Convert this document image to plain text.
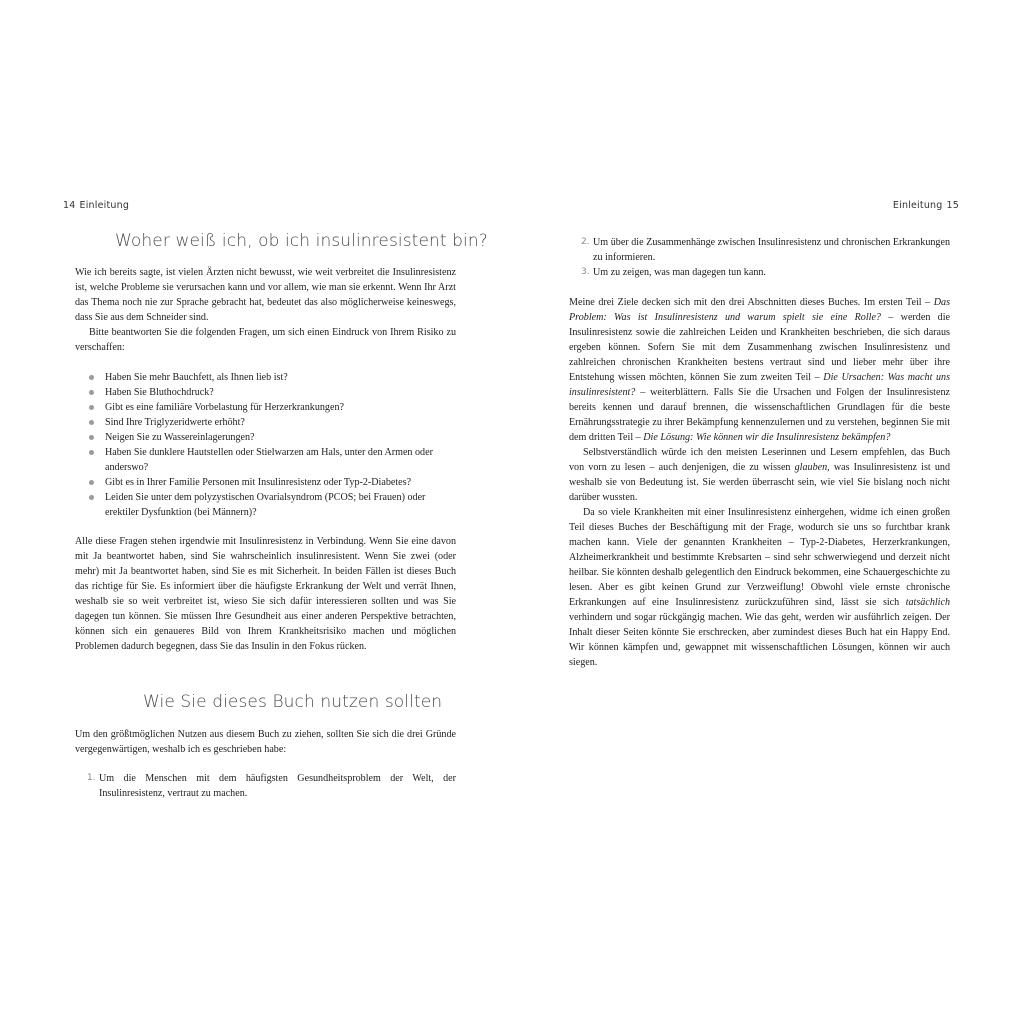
14 Einleitung	Einleitung 15
Woher weiß ich, ob ich insulinresistent bin?

Wie ich bereits sagte, ist vielen Ärzten nicht bewusst, wie weit verbreitet die Insulinresistenz ist, welche Probleme sie verursachen kann und vor allem, wie man sie erkennt. Wenn Ihr Arzt das Thema noch nie zur Sprache gebracht hat, bedeutet das also möglicherweise keineswegs, dass Sie aus dem Schneider sind.

Bitte beantworten Sie die folgenden Fragen, um sich einen Eindruck von Ihrem Risiko zu verschaffen:

Haben Sie mehr Bauchfett, als Ihnen lieb ist?
Haben Sie Bluthochdruck?
Gibt es eine familiäre Vorbelastung für Herzerkrankungen?
Sind Ihre Triglyzeridwerte erhöht?
Neigen Sie zu Wassereinlagerungen?
Haben Sie dunklere Hautstellen oder Stielwarzen am Hals, unter den Armen oder anderswo?
Gibt es in Ihrer Familie Personen mit Insulinresistenz oder Typ-2-Diabetes?
Leiden Sie unter dem polyzystischen Ovarialsyndrom (PCOS; bei Frauen) oder erektiler Dysfunktion (bei Männern)?

Alle diese Fragen stehen irgendwie mit Insulinresistenz in Verbindung. Wenn Sie eine davon mit Ja beantwortet haben, sind Sie wahrscheinlich insulinresistent. Wenn Sie zwei (oder mehr) mit Ja beantwortet haben, sind Sie es mit Sicherheit. In beiden Fällen ist dieses Buch das richtige für Sie. Es informiert über die häufigste Erkrankung der Welt und verrät Ihnen, weshalb sie so weit verbreitet ist, wieso Sie sich dafür interessieren sollten und was Sie dagegen tun können. Sie müssen Ihre Gesundheit aus einer anderen Perspektive betrachten, können sich ein genaueres Bild von Ihrem Krankheitsrisiko machen und möglichen Problemen dadurch begegnen, dass Sie das Insulin in den Fokus rücken.

Wie Sie dieses Buch nutzen sollten

Um den größtmöglichen Nutzen aus diesem Buch zu ziehen, sollten Sie sich die drei Gründe vergegenwärtigen, weshalb ich es geschrieben habe:

1. Um die Menschen mit dem häufigsten Gesundheitsproblem der Welt, der Insulinresistenz, vertraut zu machen.
2. Um über die Zusammenhänge zwischen Insulinresistenz und chronischen Erkrankungen zu informieren.
3. Um zu zeigen, was man dagegen tun kann.

Meine drei Ziele decken sich mit den drei Abschnitten dieses Buches. Im ersten Teil – Das Problem: Was ist Insulinresistenz und warum spielt sie eine Rolle? – werden die Insulinresistenz sowie die zahlreichen Leiden und Krankheiten beschrieben, die sich daraus ergeben können. Sofern Sie mit dem Zusammenhang zwischen Insulinresistenz und zahlreichen chronischen Krankheiten bestens vertraut sind und lieber mehr über ihre Entstehung wissen möchten, können Sie zum zweiten Teil – Die Ursachen: Was macht uns insulinresistent? – weiterblättern. Falls Sie die Ursachen und Folgen der Insulinresistenz bereits kennen und darauf brennen, die wissenschaftlichen Grundlagen für die beste Ernährungsstrategie zu ihrer Bekämpfung kennenzulernen und zu verstehen, beginnen Sie mit dem dritten Teil – Die Lösung: Wie können wir die Insulinresistenz bekämpfen?

Selbstverständlich würde ich den meisten Leserinnen und Lesern empfehlen, das Buch von vorn zu lesen – auch denjenigen, die zu wissen glauben, was Insulinresistenz ist und weshalb sie von Bedeutung ist. Sie werden überrascht sein, wie viel Sie bislang noch nicht darüber wussten.

Da so viele Krankheiten mit einer Insulinresistenz einhergehen, widme ich einen großen Teil dieses Buches der Beschäftigung mit der Frage, wodurch sie uns so furchtbar krank machen kann. Viele der genannten Krankheiten – Typ-2-Diabetes, Herzerkrankungen, Alzheimerkrankheit und bestimmte Krebsarten – sind sehr schwerwiegend und derzeit nicht heilbar. Sie könnten deshalb gelegentlich den Eindruck bekommen, eine Schauergeschichte zu lesen. Aber es gibt keinen Grund zur Verzweiflung! Obwohl viele ernste chronische Erkrankungen auf eine Insulinresistenz zurückzuführen sind, lässt sie sich tatsächlich verhindern und sogar rückgängig machen. Wie das geht, werden wir ausführlich zeigen. Der Inhalt dieser Seiten könnte Sie erschrecken, aber zumindest dieses Buch hat ein Happy End. Wir können kämpfen und, gewappnet mit wissenschaftlichen Lösungen, können wir auch siegen.
